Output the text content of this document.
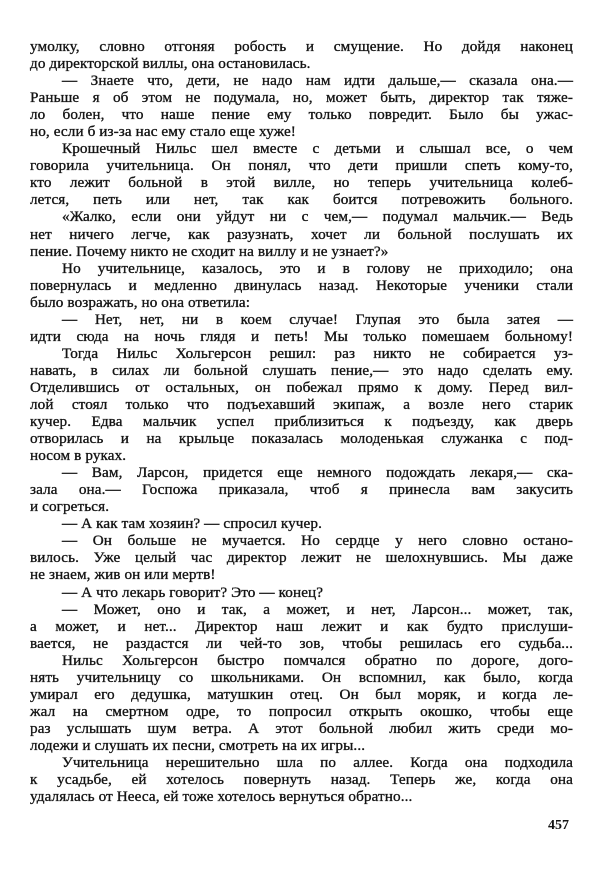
умолку, словно отгоняя робость и смущение. Но дойдя наконец
до директорской виллы, она остановилась.
— Знаете что, дети, не надо нам идти дальше,— сказала она.—
Раньше я об этом не подумала, но, может быть, директор так тяже-
ло болен, что наше пение ему только повредит. Было бы ужас-
но, если б из-за нас ему стало еще хуже!
Крошечный Нильс шел вместе с детьми и слышал все, о чем
говорила учительница. Он понял, что дети пришли спеть кому-то,
кто лежит больной в этой вилле, но теперь учительница колеб-
лется, петь или нет, так как боится потревожить больного.
«Жалко, если они уйдут ни с чем,— подумал мальчик.— Ведь
нет ничего легче, как разузнать, хочет ли больной послушать их
пение. Почему никто не сходит на виллу и не узнает?»
Но учительнице, казалось, это и в голову не приходило; она
повернулась и медленно двинулась назад. Некоторые ученики стали
было возражать, но она ответила:
— Нет, нет, ни в коем случае! Глупая это была затея —
идти сюда на ночь глядя и петь! Мы только помешаем больному!
Тогда Нильс Хольгерсон решил: раз никто не собирается уз-
навать, в силах ли больной слушать пение,— это надо сделать ему.
Отделившись от остальных, он побежал прямо к дому. Перед вил-
лой стоял только что подъехавший экипаж, а возле него старик
кучер. Едва мальчик успел приблизиться к подъезду, как дверь
отворилась и на крыльце показалась молоденькая служанка с под-
носом в руках.
— Вам, Ларсон, придется еще немного подождать лекаря,— ска-
зала она.— Госпожа приказала, чтоб я принесла вам закусить
и согреться.
— А как там хозяин? — спросил кучер.
— Он больше не мучается. Но сердце у него словно остано-
вилось. Уже целый час директор лежит не шелохнувшись. Мы даже
не знаем, жив он или мертв!
— А что лекарь говорит? Это — конец?
— Может, оно и так, а может, и нет, Ларсон... может, так,
а может, и нет... Директор наш лежит и как будто прислуши-
вается, не раздастся ли чей-то зов, чтобы решилась его судьба...
Нильс Хольгерсон быстро помчался обратно по дороге, дого-
нять учительницу со школьниками. Он вспомнил, как было, когда
умирал его дедушка, матушкин отец. Он был моряк, и когда ле-
жал на смертном одре, то попросил открыть окошко, чтобы еще
раз услышать шум ветра. А этот больной любил жить среди мо-
лодежи и слушать их песни, смотреть на их игры...
Учительница нерешительно шла по аллее. Когда она подходила
к усадьбе, ей хотелось повернуть назад. Теперь же, когда она
удалялась от Нееса, ей тоже хотелось вернуться обратно...
457
